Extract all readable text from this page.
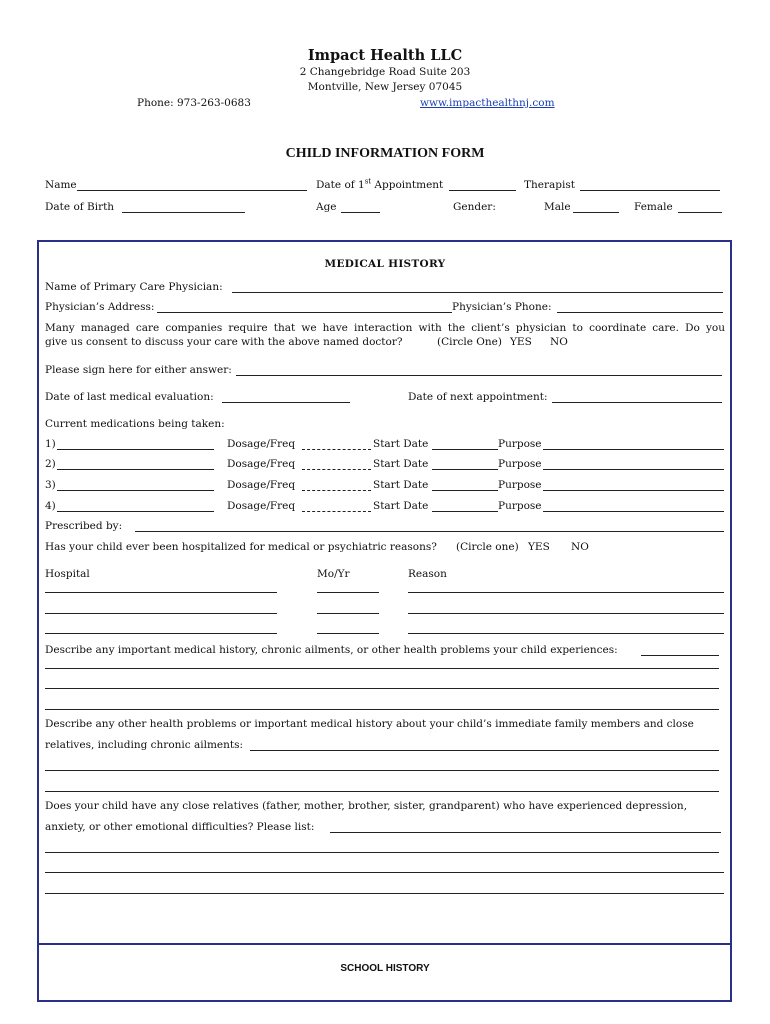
Impact Health LLC
2 Changebridge Road Suite 203
Montville, New Jersey 07045
Phone: 973-263-0683	www.impacthealthnj.com
CHILD INFORMATION FORM
Name	Date of 1st Appointment	Therapist
Date of Birth	Age	Gender:	Male	Female
MEDICAL HISTORY
Name of Primary Care Physician:
Physician’s Address:	Physician’s Phone:
Many managed care companies require that we have interaction with the client’s physician to coordinate care. Do you
give us consent to discuss your care with the above named doctor?	(Circle One) YES NO
Please sign here for either answer:
Date of last medical evaluation:	Date of next appointment:
Current medications being taken:
1)	Dosage/Freq	Start Date	Purpose
2)	Dosage/Freq	Start Date	Purpose
3)	Dosage/Freq	Start Date	Purpose
4)	Dosage/Freq	Start Date	Purpose
Prescribed by:
Has your child ever been hospitalized for medical or psychiatric reasons? (Circle one) YES NO
Hospital	Mo/Yr	Reason
Describe any important medical history, chronic ailments, or other health problems your child experiences:
Describe any other health problems or important medical history about your child’s immediate family members and close
relatives, including chronic ailments:
Does your child have any close relatives (father, mother, brother, sister, grandparent) who have experienced depression,
anxiety, or other emotional difficulties? Please list:
SCHOOL HISTORY
